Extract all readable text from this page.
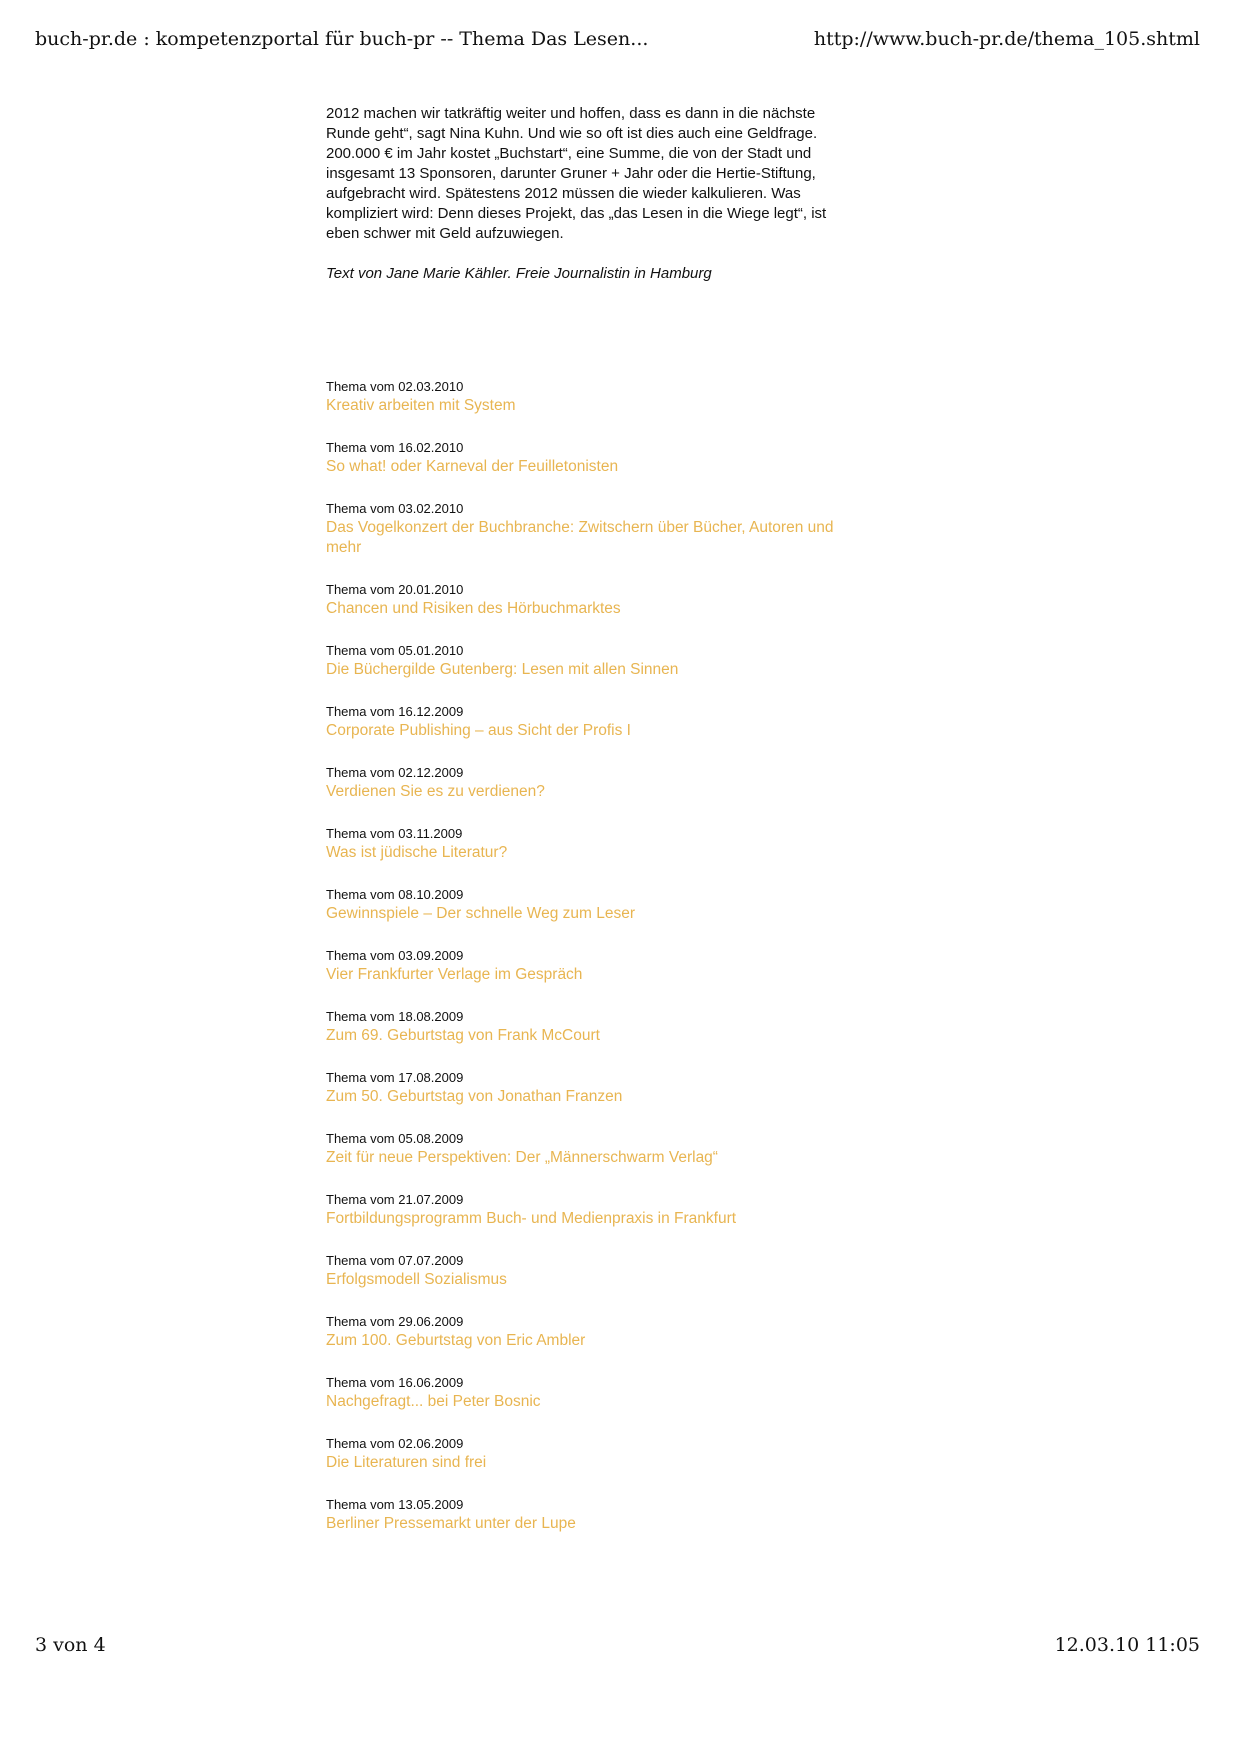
buch-pr.de : kompetenzportal für buch-pr -- Thema Das Lesen...	http://www.buch-pr.de/thema_105.shtml

2012 machen wir tatkräftig weiter und hoffen, dass es dann in die nächste Runde geht“, sagt Nina Kuhn. Und wie so oft ist dies auch eine Geldfrage. 200.000 € im Jahr kostet „Buchstart“, eine Summe, die von der Stadt und insgesamt 13 Sponsoren, darunter Gruner + Jahr oder die Hertie-Stiftung, aufgebracht wird. Spätestens 2012 müssen die wieder kalkulieren. Was kompliziert wird: Denn dieses Projekt, das „das Lesen in die Wiege legt“, ist eben schwer mit Geld aufzuwiegen.

Text von Jane Marie Kähler. Freie Journalistin in Hamburg

Thema vom 02.03.2010
Kreativ arbeiten mit System
Thema vom 16.02.2010
So what! oder Karneval der Feuilletonisten
Thema vom 03.02.2010
Das Vogelkonzert der Buchbranche: Zwitschern über Bücher, Autoren und mehr
Thema vom 20.01.2010
Chancen und Risiken des Hörbuchmarktes
Thema vom 05.01.2010
Die Büchergilde Gutenberg: Lesen mit allen Sinnen
Thema vom 16.12.2009
Corporate Publishing – aus Sicht der Profis I
Thema vom 02.12.2009
Verdienen Sie es zu verdienen?
Thema vom 03.11.2009
Was ist jüdische Literatur?
Thema vom 08.10.2009
Gewinnspiele – Der schnelle Weg zum Leser
Thema vom 03.09.2009
Vier Frankfurter Verlage im Gespräch
Thema vom 18.08.2009
Zum 69. Geburtstag von Frank McCourt
Thema vom 17.08.2009
Zum 50. Geburtstag von Jonathan Franzen
Thema vom 05.08.2009
Zeit für neue Perspektiven: Der „Männerschwarm Verlag“
Thema vom 21.07.2009
Fortbildungsprogramm Buch- und Medienpraxis in Frankfurt
Thema vom 07.07.2009
Erfolgsmodell Sozialismus
Thema vom 29.06.2009
Zum 100. Geburtstag von Eric Ambler
Thema vom 16.06.2009
Nachgefragt... bei Peter Bosnic
Thema vom 02.06.2009
Die Literaturen sind frei
Thema vom 13.05.2009
Berliner Pressemarkt unter der Lupe
3 von 4	12.03.10 11:05
